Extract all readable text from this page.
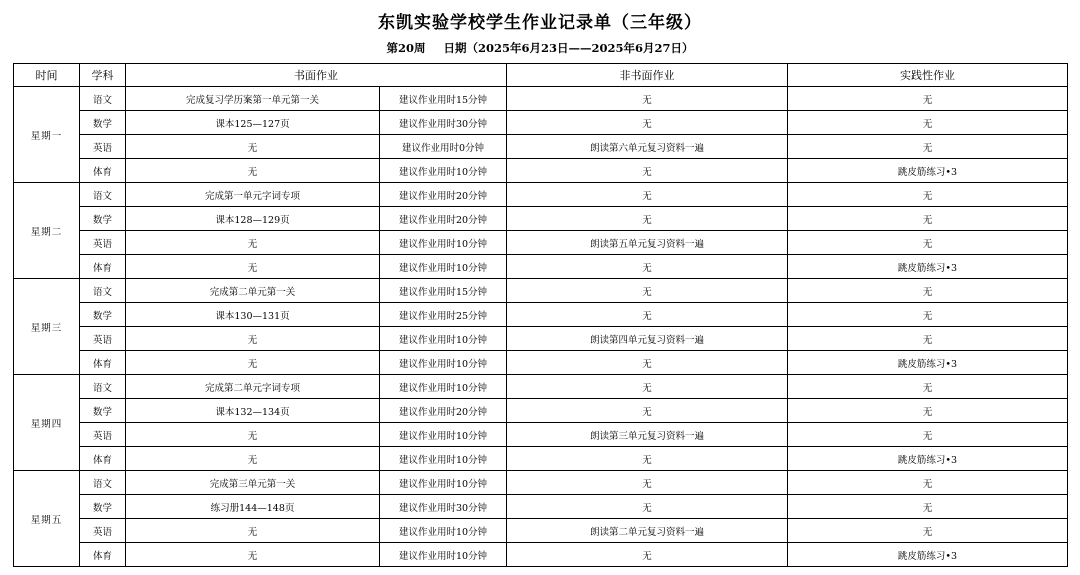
东凯实验学校学生作业记录单（三年级）
第20周 日期（2025年6月23日——2025年6月27日）
时间	学科	书面作业		非书面作业	实践性作业
星期一	语文	完成复习学历案第一单元第一关	建议作业用时15分钟	无	无
	数学	课本125—127页	建议作业用时30分钟	无	无
	英语	无	建议作业用时0分钟	朗读第六单元复习资料一遍	无
	体育	无	建议作业用时10分钟	无	跳皮筋练习•3
星期二	语文	完成第一单元字词专项	建议作业用时20分钟	无	无
	数学	课本128—129页	建议作业用时20分钟	无	无
	英语	无	建议作业用时10分钟	朗读第五单元复习资料一遍	无
	体育	无	建议作业用时10分钟	无	跳皮筋练习•3
星期三	语文	完成第二单元第一关	建议作业用时15分钟	无	无
	数学	课本130—131页	建议作业用时25分钟	无	无
	英语	无	建议作业用时10分钟	朗读第四单元复习资料一遍	无
	体育	无	建议作业用时10分钟	无	跳皮筋练习•3
星期四	语文	完成第二单元字词专项	建议作业用时10分钟	无	无
	数学	课本132—134页	建议作业用时20分钟	无	无
	英语	无	建议作业用时10分钟	朗读第三单元复习资料一遍	无
	体育	无	建议作业用时10分钟	无	跳皮筋练习•3
星期五	语文	完成第三单元第一关	建议作业用时10分钟	无	无
	数学	练习册144—148页	建议作业用时30分钟	无	无
	英语	无	建议作业用时10分钟	朗读第二单元复习资料一遍	无
	体育	无	建议作业用时10分钟	无	跳皮筋练习•3
